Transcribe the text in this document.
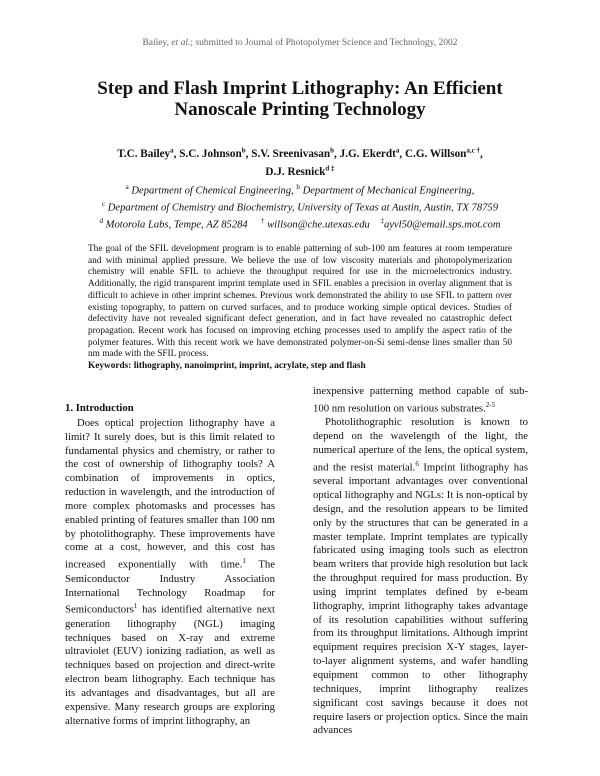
Bailey, et al.; submitted to Journal of Photopolymer Science and Technology, 2002
Step and Flash Imprint Lithography: An Efficient
Nanoscale Printing Technology
T.C. Bailey$^a$, S.C. Johnson$^b$, S.V. Sreenivasan$^b$, J.G. Ekerdt$^a$, C.G. Willson$^{a,c \dagger}$,
D.J. Resnick$^{d \ddagger}$
$^a$ Department of Chemical Engineering, $^b$ Department of Mechanical Engineering,
$^c$ Department of Chemistry and Biochemistry, University of Texas at Austin, Austin, TX 78759
$^d$ Motorola Labs, Tempe, AZ 85284 † willson@che.utexas.edu ‡ayvl50@email.sps.mot.com
The goal of the SFIL development program is to enable patterning of sub-100 nm features at room temperature and with minimal applied pressure. We believe the use of low viscosity materials and photopolymerization chemistry will enable SFIL to achieve the throughput required for use in the microelectronics industry. Additionally, the rigid transparent imprint template used in SFIL enables a precision in overlay alignment that is difficult to achieve in other imprint schemes. Previous work demonstrated the ability to use SFIL to pattern over existing topography, to pattern on curved surfaces, and to produce working simple optical devices. Studies of defectivity have not revealed significant defect generation, and in fact have revealed no catastrophic defect propagation. Recent work has focused on improving etching processes used to amplify the aspect ratio of the polymer features. With this recent work we have demonstrated polymer-on-Si semi-dense lines smaller than 50 nm made with the SFIL process.
Keywords: lithography, nanoimprint, imprint, acrylate, step and flash
1. Introduction

Does optical projection lithography have a limit? It surely does, but is this limit related to fundamental physics and chemistry, or rather to the cost of ownership of lithography tools? A combination of improvements in optics, reduction in wavelength, and the introduction of more complex photomasks and processes has enabled printing of features smaller than 100 nm by photolithography. These improvements have come at a cost, however, and this cost has increased exponentially with time.$^1$ The Semiconductor Industry Association International Technology Roadmap for Semiconductors$^1$ has identified alternative next generation lithography (NGL) imaging techniques based on X-ray and extreme ultraviolet (EUV) ionizing radiation, as well as techniques based on projection and direct-write electron beam lithography. Each technique has its advantages and disadvantages, but all are expensive. Many research groups are exploring alternative forms of imprint lithography, an

inexpensive patterning method capable of sub-100 nm resolution on various substrates.$^{2-5}$

Photolithographic resolution is known to depend on the wavelength of the light, the numerical aperture of the lens, the optical system, and the resist material.$^6$ Imprint lithography has several important advantages over conventional optical lithography and NGLs: It is non-optical by design, and the resolution appears to be limited only by the structures that can be generated in a master template. Imprint templates are typically fabricated using imaging tools such as electron beam writers that provide high resolution but lack the throughput required for mass production. By using imprint templates defined by e-beam lithography, imprint lithography takes advantage of its resolution capabilities without suffering from its throughput limitations. Although imprint equipment requires precision X-Y stages, layer-to-layer alignment systems, and wafer handling equipment common to other lithography techniques, imprint lithography realizes significant cost savings because it does not require lasers or projection optics. Since the main advances
